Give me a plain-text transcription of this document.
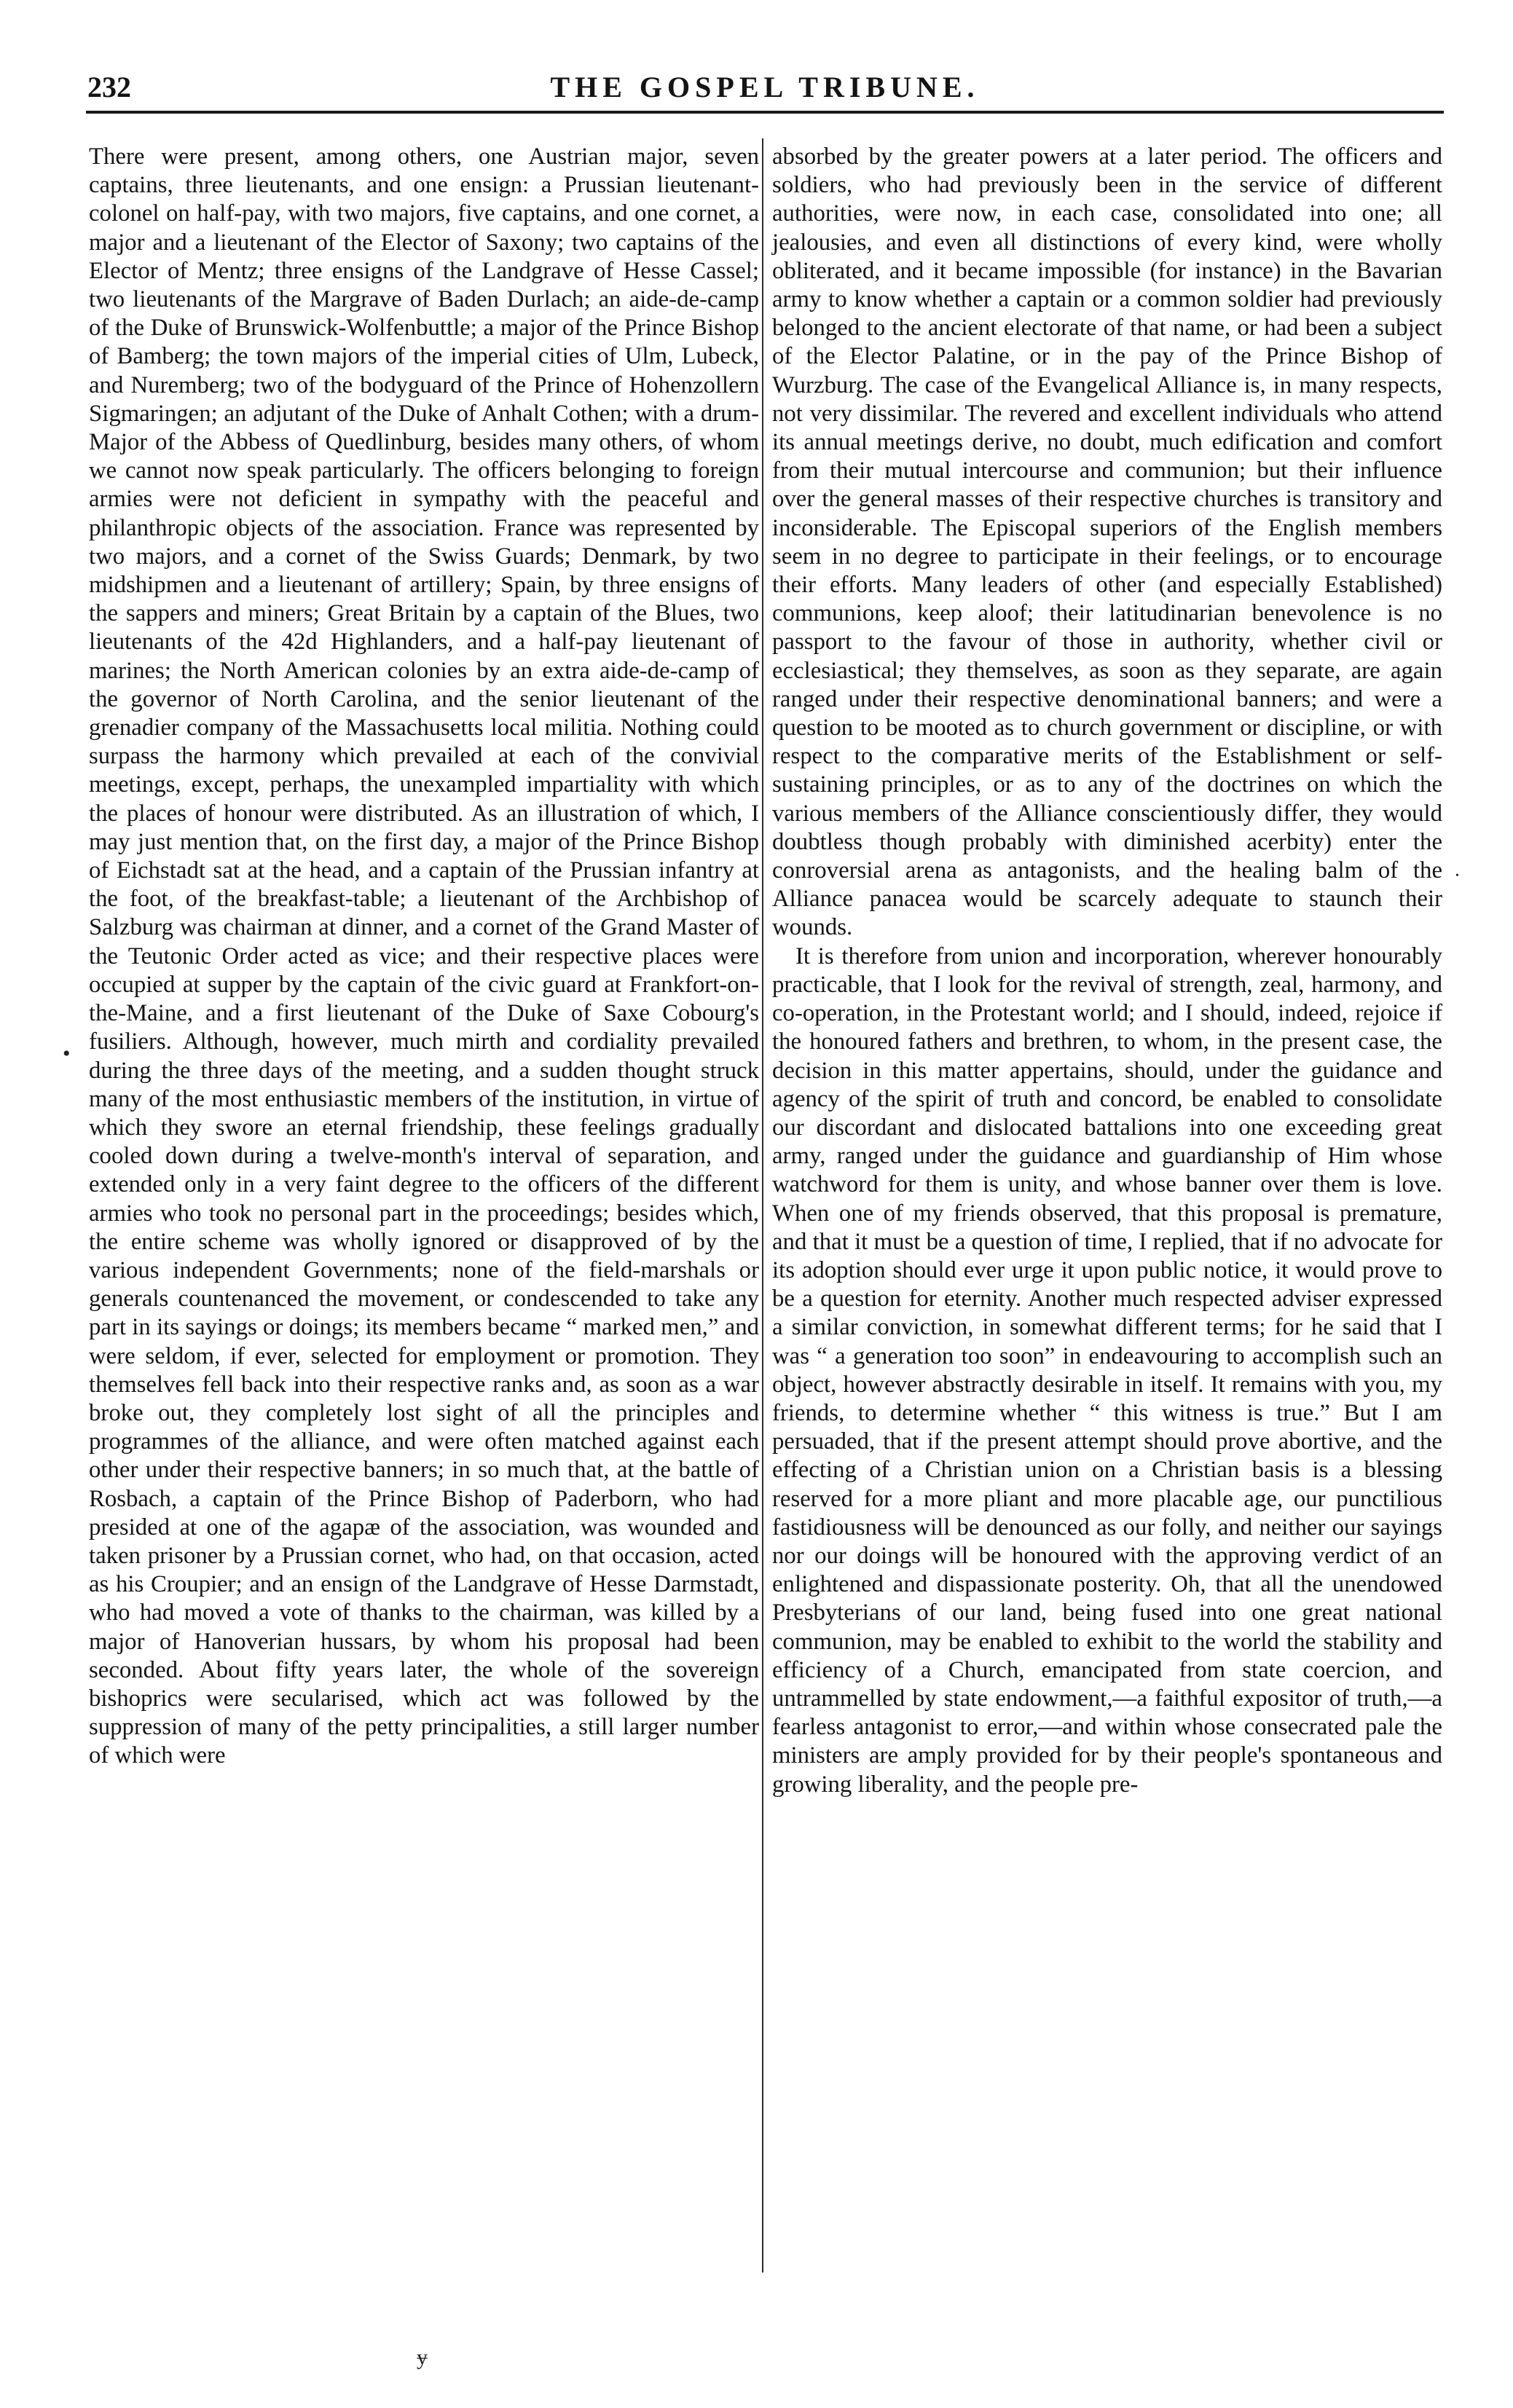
232	THE GOSPEL TRIBUNE.

There were present, among others, one Austrian major, seven captains, three lieutenants, and one ensign: a Prussian lieutenant-colonel on half-pay, with two majors, five captains, and one cornet, a major and a lieutenant of the Elector of Saxony; two captains of the Elector of Mentz; three ensigns of the Landgrave of Hesse Cassel; two lieutenants of the Margrave of Baden Durlach; an aide-de-camp of the Duke of Brunswick-Wolfenbuttle; a major of the Prince Bishop of Bamberg; the town majors of the imperial cities of Ulm, Lubeck, and Nuremberg; two of the bodyguard of the Prince of Hohenzollern Sigmaringen; an adjutant of the Duke of Anhalt Cothen; with a drum-Major of the Abbess of Quedlinburg, besides many others, of whom we cannot now speak particularly. The officers belonging to foreign armies were not deficient in sympathy with the peaceful and philanthropic objects of the association. France was represented by two majors, and a cornet of the Swiss Guards; Denmark, by two midshipmen and a lieutenant of artillery; Spain, by three ensigns of the sappers and miners; Great Britain by a captain of the Blues, two lieutenants of the 42d Highlanders, and a half-pay lieutenant of marines; the North American colonies by an extra aide-de-camp of the governor of North Carolina, and the senior lieutenant of the grenadier company of the Massachusetts local militia. Nothing could surpass the harmony which prevailed at each of the convivial meetings, except, perhaps, the unexampled impartiality with which the places of honour were distributed. As an illustration of which, I may just mention that, on the first day, a major of the Prince Bishop of Eichstadt sat at the head, and a captain of the Prussian infantry at the foot, of the breakfast-table; a lieutenant of the Archbishop of Salzburg was chairman at dinner, and a cornet of the Grand Master of the Teutonic Order acted as vice; and their respective places were occupied at supper by the captain of the civic guard at Frankfort-on-the-Maine, and a first lieutenant of the Duke of Saxe Cobourg's fusiliers. Although, however, much mirth and cordiality prevailed during the three days of the meeting, and a sudden thought struck many of the most enthusiastic members of the institution, in virtue of which they swore an eternal friendship, these feelings gradually cooled down during a twelve-month's interval of separation, and extended only in a very faint degree to the officers of the different armies who took no personal part in the proceedings; besides which, the entire scheme was wholly ignored or disapproved of by the various independent Governments; none of the field-marshals or generals countenanced the movement, or condescended to take any part in its sayings or doings; its members became “ marked men,” and were seldom, if ever, selected for employment or promotion. They themselves fell back into their respective ranks and, as soon as a war broke out, they completely lost sight of all the principles and programmes of the alliance, and were often matched against each other under their respective banners; in so much that, at the battle of Rosbach, a captain of the Prince Bishop of Paderborn, who had presided at one of the agapæ of the association, was wounded and taken prisoner by a Prussian cornet, who had, on that occasion, acted as his Croupier; and an ensign of the Landgrave of Hesse Darmstadt, who had moved a vote of thanks to the chairman, was killed by a major of Hanoverian hussars, by whom his proposal had been seconded. About fifty years later, the whole of the sovereign bishoprics were secularised, which act was followed by the suppression of many of the petty principalities, a still larger number of which were

absorbed by the greater powers at a later period. The officers and soldiers, who had previously been in the service of different authorities, were now, in each case, consolidated into one; all jealousies, and even all distinctions of every kind, were wholly obliterated, and it became impossible (for instance) in the Bavarian army to know whether a captain or a common soldier had previously belonged to the ancient electorate of that name, or had been a subject of the Elector Palatine, or in the pay of the Prince Bishop of Wurzburg. The case of the Evangelical Alliance is, in many respects, not very dissimilar. The revered and excellent individuals who attend its annual meetings derive, no doubt, much edification and comfort from their mutual intercourse and communion; but their influence over the general masses of their respective churches is transitory and inconsiderable. The Episcopal superiors of the English members seem in no degree to participate in their feelings, or to encourage their efforts. Many leaders of other (and especially Established) communions, keep aloof; their latitudinarian benevolence is no passport to the favour of those in authority, whether civil or ecclesiastical; they themselves, as soon as they separate, are again ranged under their respective denominational banners; and were a question to be mooted as to church government or discipline, or with respect to the comparative merits of the Establishment or self-sustaining principles, or as to any of the doctrines on which the various members of the Alliance conscientiously differ, they would doubtless though probably with diminished acerbity) enter the conroversial arena as antagonists, and the healing balm of the Alliance panacea would be scarcely adequate to staunch their wounds.

It is therefore from union and incorporation, wherever honourably practicable, that I look for the revival of strength, zeal, harmony, and co-operation, in the Protestant world; and I should, indeed, rejoice if the honoured fathers and brethren, to whom, in the present case, the decision in this matter appertains, should, under the guidance and agency of the spirit of truth and concord, be enabled to consolidate our discordant and dislocated battalions into one exceeding great army, ranged under the guidance and guardianship of Him whose watchword for them is unity, and whose banner over them is love. When one of my friends observed, that this proposal is premature, and that it must be a question of time, I replied, that if no advocate for its adoption should ever urge it upon public notice, it would prove to be a question for eternity. Another much respected adviser expressed a similar conviction, in somewhat different terms; for he said that I was “ a generation too soon” in endeavouring to accomplish such an object, however abstractly desirable in itself. It remains with you, my friends, to determine whether “ this witness is true.” But I am persuaded, that if the present attempt should prove abortive, and the effecting of a Christian union on a Christian basis is a blessing reserved for a more pliant and more placable age, our punctilious fastidiousness will be denounced as our folly, and neither our sayings nor our doings will be honoured with the approving verdict of an enlightened and dispassionate posterity. Oh, that all the unendowed Presbyterians of our land, being fused into one great national communion, may be enabled to exhibit to the world the stability and efficiency of a Church, emancipated from state coercion, and untrammelled by state endowment,—a faithful expositor of truth,—a fearless antagonist to error,—and within whose consecrated pale the ministers are amply provided for by their people's spontaneous and growing liberality, and the people pre-

•
•
ɏ
